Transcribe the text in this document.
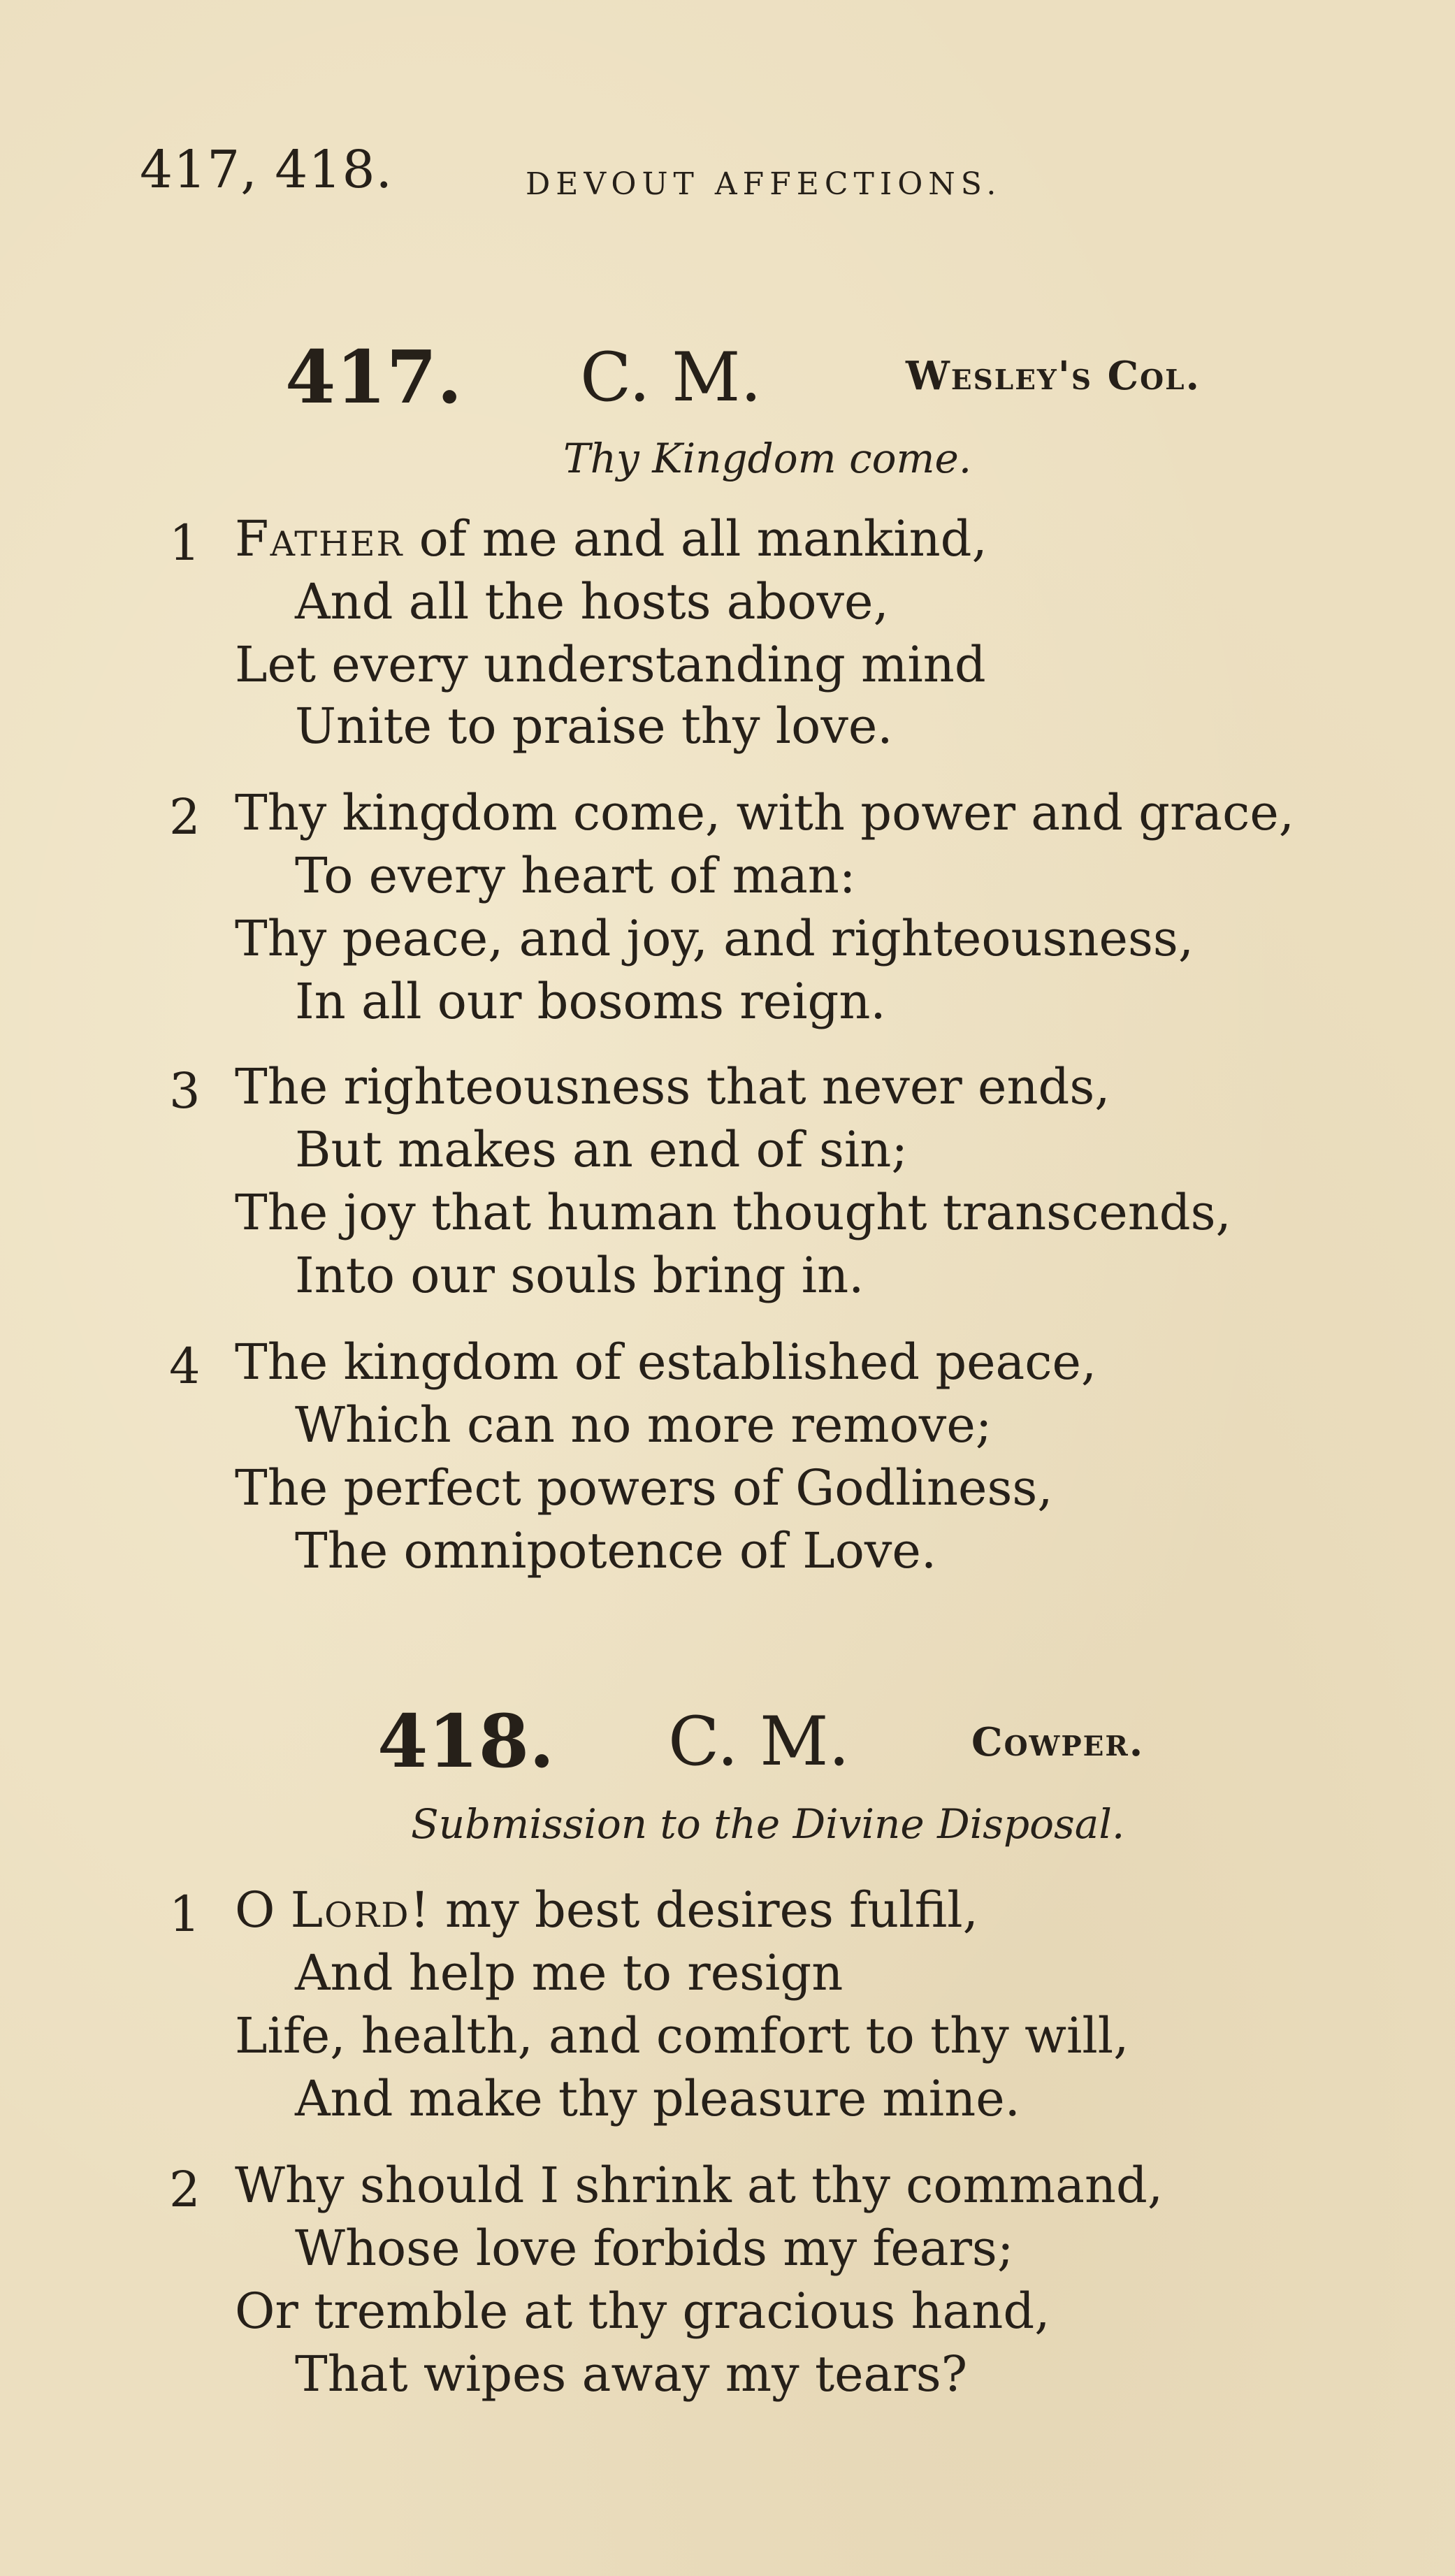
417, 418.	DEVOUT AFFECTIONS.
417. C. M.	Wesley's Col.
Thy Kingdom come.
1 Father of me and all mankind,
And all the hosts above,
Let every understanding mind
Unite to praise thy love.
2 Thy kingdom come, with power and grace,
To every heart of man:
Thy peace, and joy, and righteousness,
In all our bosoms reign.
3 The righteousness that never ends,
But makes an end of sin;
The joy that human thought transcends,
Into our souls bring in.
4 The kingdom of established peace,
Which can no more remove;
The perfect powers of Godliness,
The omnipotence of Love.
418. C. M.	Cowper.
Submission to the Divine Disposal.
1 O Lord! my best desires fulfil,
And help me to resign
Life, health, and comfort to thy will,
And make thy pleasure mine.
2 Why should I shrink at thy command,
Whose love forbids my fears;
Or tremble at thy gracious hand,
That wipes away my tears?
